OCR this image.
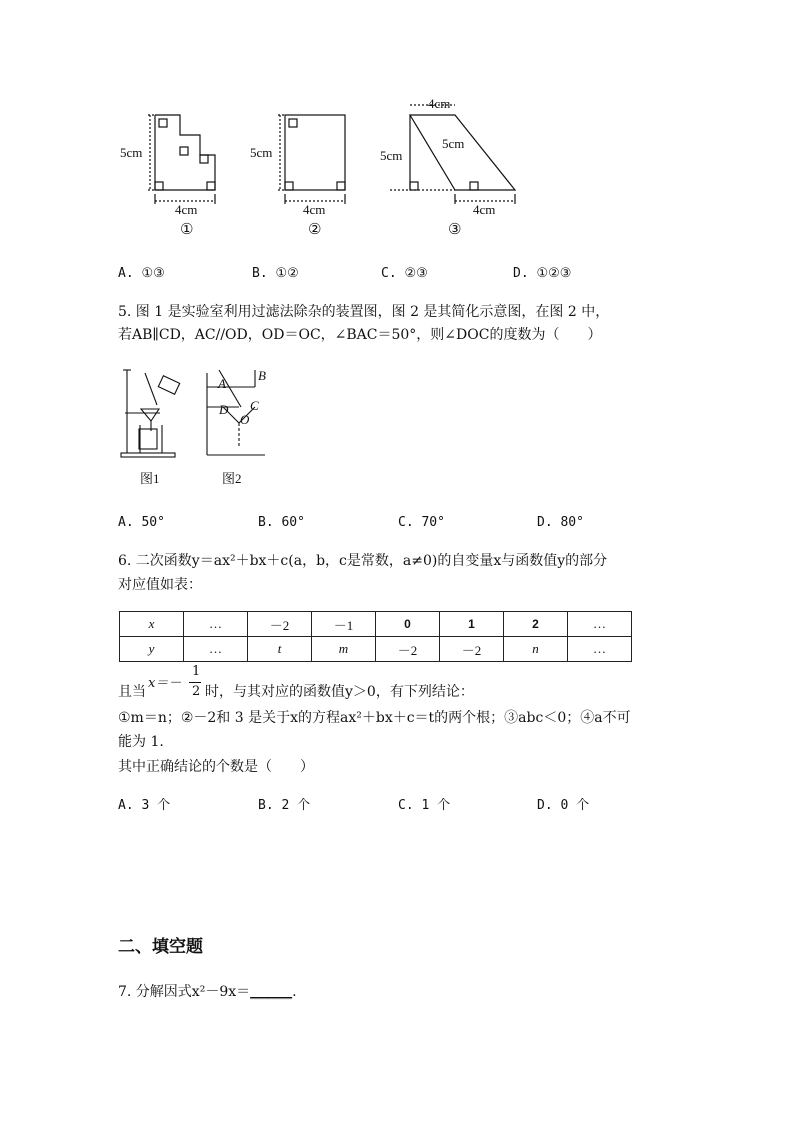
5cm
4cm
①
5cm
4cm
②
4cm
5cm
5cm
4cm
③
A. ①③	B. ①②	C. ②③	D. ①②③
5. 图 1 是实验室利用过滤法除杂的装置图，图 2 是其简化示意图，在图 2 中，
若AB∥CD，AC//OD，OD＝OC，∠BAC＝50°，则∠DOC的度数为（　　）
A
B
D C
O
图1	图2
A. 50°	B. 60°	C. 70°	D. 80°
6. 二次函数y＝ax²＋bx＋c(a，b，c是常数，a≠0)的自变量x与函数值y的部分
对应值如表：
x	…	－2	－1	0	1	2	…
y	…	t	m	－2	－2	n	…
且当
x＝－
1
2 时，与其对应的函数值y＞0，有下列结论：
①m＝n；②－2和 3 是关于x的方程ax²＋bx＋c＝t的两个根；③abc＜0；④a不可
能为 1.
其中正确结论的个数是（　　）
A. 3 个	B. 2 个	C. 1 个	D. 0 个
二、填空题
7. 分解因式x²－9x＝______.
